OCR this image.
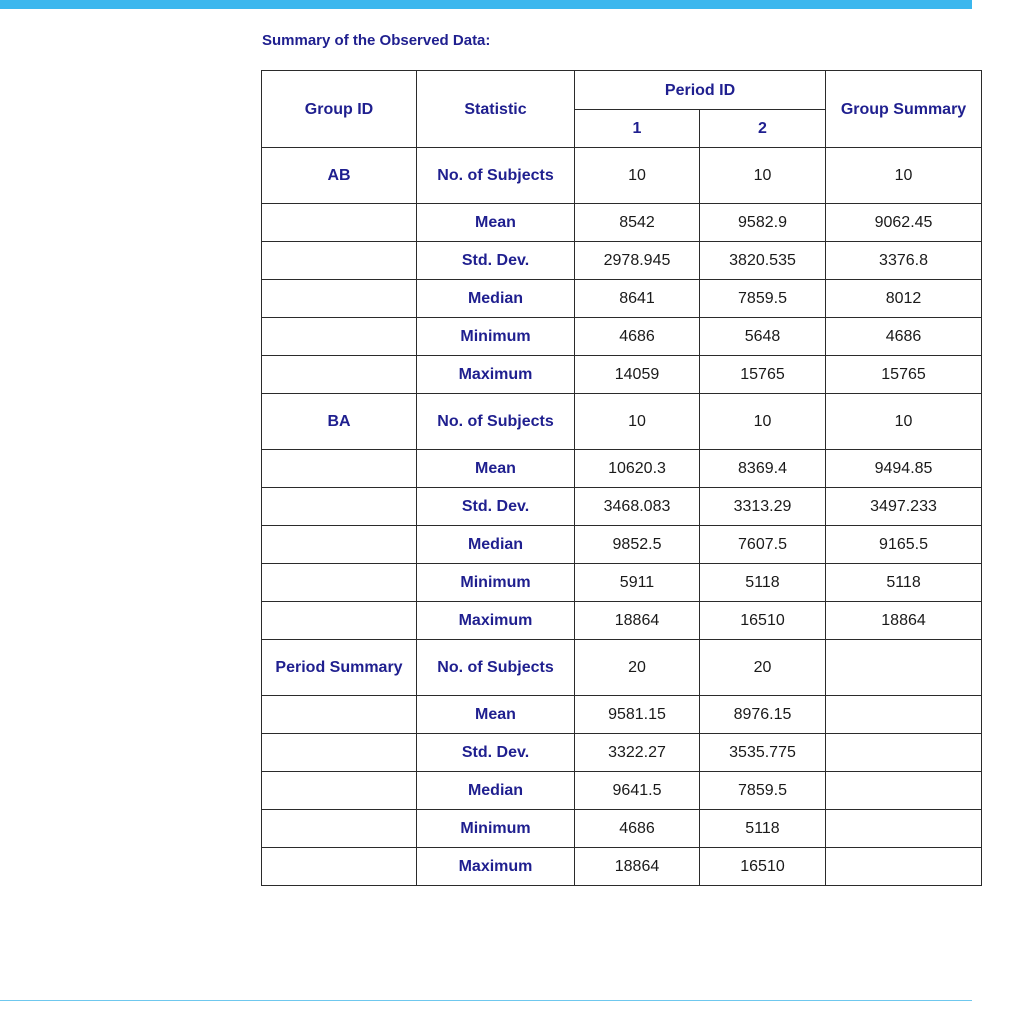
Summary of the Observed Data:
Group ID	Statistic	Period ID		Group Summary
		1	2	
AB	No. of Subjects	10	10	10
	Mean	8542	9582.9	9062.45
	Std. Dev.	2978.945	3820.535	3376.8
	Median	8641	7859.5	8012
	Minimum	4686	5648	4686
	Maximum	14059	15765	15765
BA	No. of Subjects	10	10	10
	Mean	10620.3	8369.4	9494.85
	Std. Dev.	3468.083	3313.29	3497.233
	Median	9852.5	7607.5	9165.5
	Minimum	5911	5118	5118
	Maximum	18864	16510	18864
Period Summary	No. of Subjects	20	20	
	Mean	9581.15	8976.15	
	Std. Dev.	3322.27	3535.775	
	Median	9641.5	7859.5	
	Minimum	4686	5118	
	Maximum	18864	16510	
